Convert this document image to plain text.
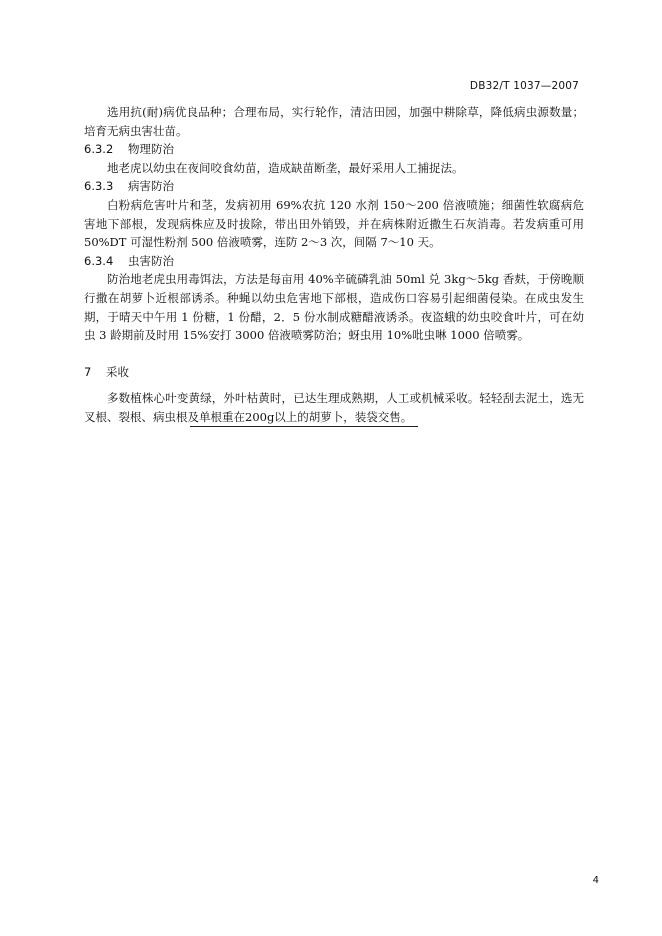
DB32/T 1037—2007

选用抗(耐)病优良品种；合理布局，实行轮作，清洁田园，加强中耕除草，降低病虫源数量；培育无病虫害壮苗。

6.3.2 物理防治

地老虎以幼虫在夜间咬食幼苗，造成缺苗断垄，最好采用人工捕捉法。

6.3.3 病害防治

白粉病危害叶片和茎，发病初用 69%农抗 120 水剂 150～200 倍液喷施；细菌性软腐病危害地下部根，发现病株应及时拔除，带出田外销毁，并在病株附近撒生石灰消毒。若发病重可用 50%DT 可湿性粉剂 500 倍液喷雾，连防 2～3 次，间隔 7～10 天。

6.3.4 虫害防治

防治地老虎虫用毒饵法，方法是每亩用 40%辛硫磷乳油 50ml 兑 3kg～5kg 香麸，于傍晚顺行撒在胡萝卜近根部诱杀。种蝇以幼虫危害地下部根，造成伤口容易引起细菌侵染。在成虫发生期，于晴天中午用 1 份糖，1 份醋，2．5 份水制成糖醋液诱杀。夜盗蛾的幼虫咬食叶片，可在幼虫 3 龄期前及时用 15%安打 3000 倍液喷雾防治；蚜虫用 10%吡虫啉 1000 倍喷雾。

7 采收

多数植株心叶变黄绿，外叶枯黄时，已达生理成熟期，人工或机械采收。轻轻刮去泥土，选无叉根、裂根、病虫根及单根重在200g以上的胡萝卜，装袋交售。

4
